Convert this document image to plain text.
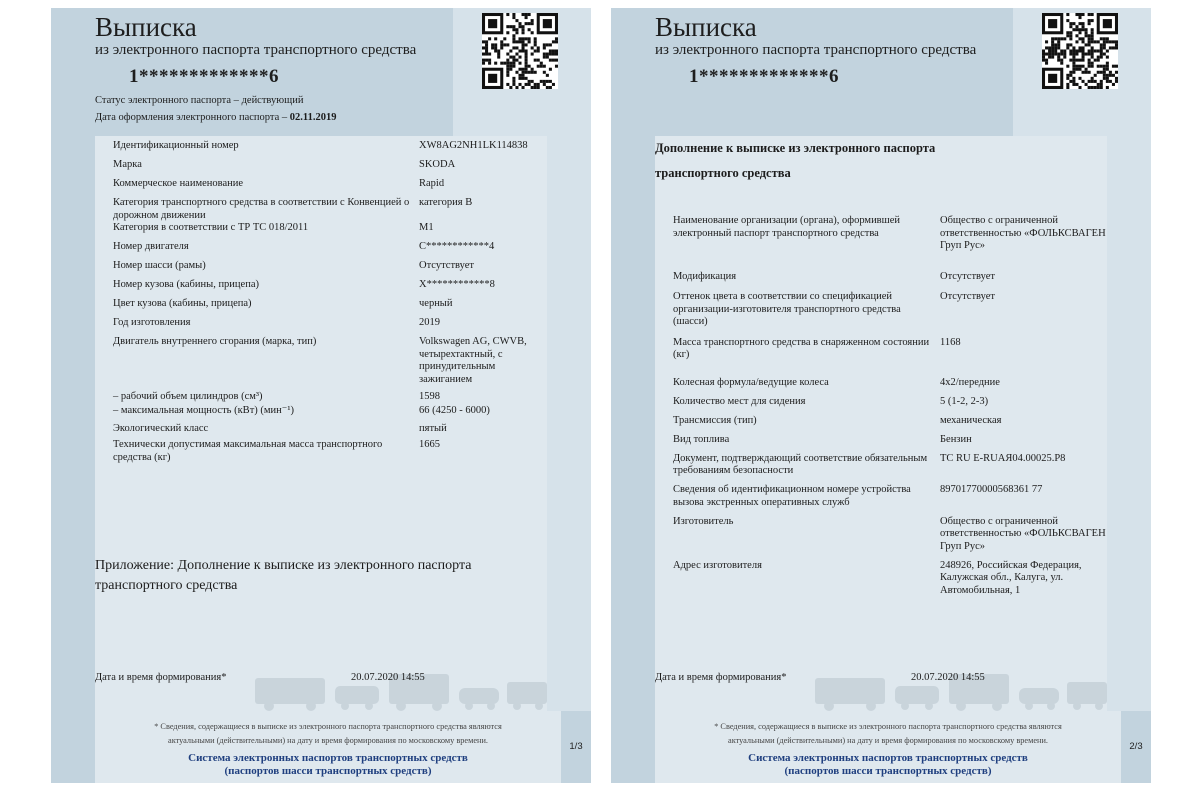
Выписка
из электронного паспорта транспортного средства
1*************6
Статус электронного паспорта – действующий
Дата оформления электронного паспорта – 02.11.2019
Идентификационный номер	XW8AG2NH1LK114838
Марка	SKODA
Коммерческое наименование	Rapid
Категория транспортного средства в соответствии с Конвенцией о дорожном движении	категория B
Категория в соответствии с ТР ТС 018/2011	M1
Номер двигателя	C************4
Номер шасси (рамы)	Отсутствует
Номер кузова (кабины, прицепа)	X************8
Цвет кузова (кабины, прицепа)	черный
Год изготовления	2019
Двигатель внутреннего сгорания (марка, тип)	Volkswagen AG, CWVB, четырехтактный, с принудительным зажиганием
– рабочий объем цилиндров (см³)	1598
– максимальная мощность (кВт) (мин⁻¹)	66 (4250 - 6000)
Экологический класс	пятый
Технически допустимая максимальная масса транспортного средства (кг)	1665
Приложение: Дополнение к выписке из электронного паспорта транспортного средства
Дата и время формирования*	20.07.2020 14:55
* Сведения, содержащиеся в выписке из электронного паспорта транспортного средства являются
актуальными (действительными) на дату и время формирования по московскому времени.
Система электронных паспортов транспортных средств
(паспортов шасси транспортных средств)
1/3
Выписка
из электронного паспорта транспортного средства
1*************6
Дополнение к выписке из электронного паспорта транспортного средства
Наименование организации (органа), оформившей электронный паспорт транспортного средства	Общество с ограниченной ответственностью «ФОЛЬКСВАГЕН Груп Рус»
Модификация	Отсутствует
Оттенок цвета в соответствии со спецификацией организации-изготовителя транспортного средства (шасси)	Отсутствует
Масса транспортного средства в снаряженном состоянии (кг)	1168
Колесная формула/ведущие колеса	4x2/передние
Количество мест для сидения	5 (1-2, 2-3)
Трансмиссия (тип)	механическая
Вид топлива	Бензин
Документ, подтверждающий соответствие обязательным требованиям безопасности	ТС RU E-RUАЯ04.00025.P8
Сведения об идентификационном номере устройства вызова экстренных оперативных служб	89701770000568361 77
Изготовитель	Общество с ограниченной ответственностью «ФОЛЬКСВАГЕН Груп Рус»
Адрес изготовителя	248926, Российская Федерация, Калужская обл., Калуга, ул. Автомобильная, 1
Дата и время формирования*	20.07.2020 14:55
* Сведения, содержащиеся в выписке из электронного паспорта транспортного средства являются
актуальными (действительными) на дату и время формирования по московскому времени.
Система электронных паспортов транспортных средств
(паспортов шасси транспортных средств)
2/3
